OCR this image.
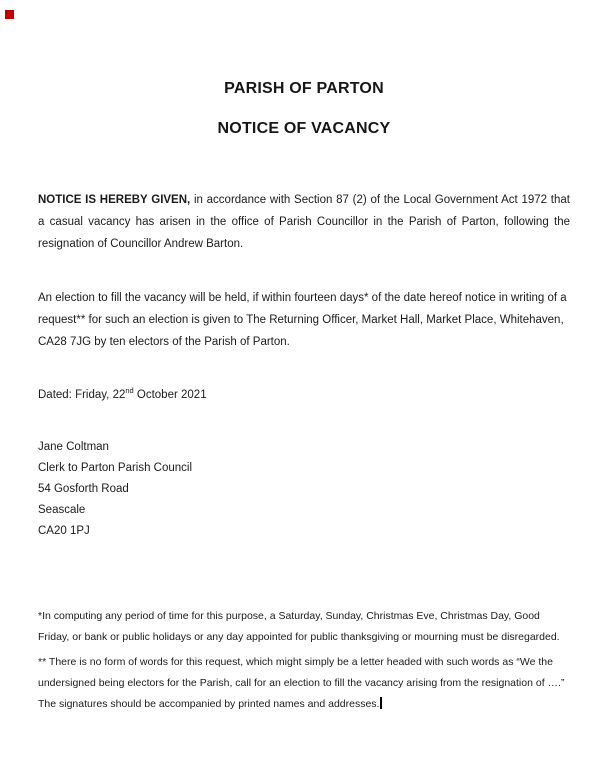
PARISH OF PARTON
NOTICE OF VACANCY

NOTICE IS HEREBY GIVEN, in accordance with Section 87 (2) of the Local Government Act 1972 that a casual vacancy has arisen in the office of Parish Councillor in the Parish of Parton, following the resignation of Councillor Andrew Barton.

An election to fill the vacancy will be held, if within fourteen days* of the date hereof notice in writing of a request** for such an election is given to The Returning Officer, Market Hall, Market Place, Whitehaven, CA28 7JG by ten electors of the Parish of Parton.

Dated: Friday, 22nd October 2021

Jane Coltman
Clerk to Parton Parish Council
54 Gosforth Road
Seascale
CA20 1PJ

*In computing any period of time for this purpose, a Saturday, Sunday, Christmas Eve, Christmas Day, Good Friday, or bank or public holidays or any day appointed for public thanksgiving or mourning must be disregarded.

** There is no form of words for this request, which might simply be a letter headed with such words as “We the undersigned being electors for the Parish, call for an election to fill the vacancy arising from the resignation of ….” The signatures should be accompanied by printed names and addresses.
